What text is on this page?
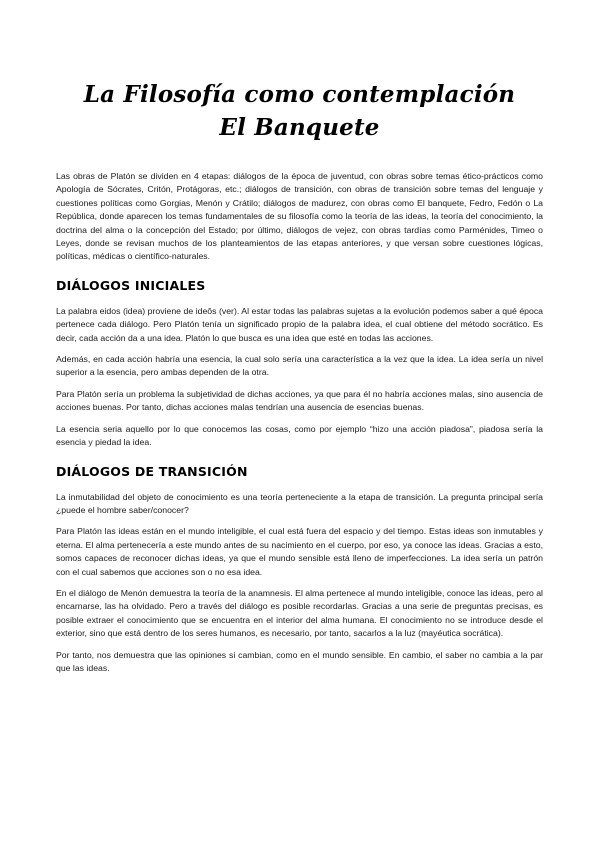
La Filosofía como contemplación
El Banquete

Las obras de Platón se dividen en 4 etapas: diálogos de la época de juventud, con obras sobre temas ético-prácticos como Apología de Sócrates, Critón, Protágoras, etc.; diálogos de transición, con obras de transición sobre temas del lenguaje y cuestiones políticas como Gorgias, Menón y Crátilo; diálogos de madurez, con obras como El banquete, Fedro, Fedón o La República, donde aparecen los temas fundamentales de su filosofía como la teoría de las ideas, la teoría del conocimiento, la doctrina del alma o la concepción del Estado; por último, diálogos de vejez, con obras tardías como Parménides, Timeo o Leyes, donde se revisan muchos de los planteamientos de las etapas anteriores, y que versan sobre cuestiones lógicas, políticas, médicas o científico-naturales.

DIÁLOGOS INICIALES

La palabra eidos (idea) proviene de ideôs (ver). Al estar todas las palabras sujetas a la evolución podemos saber a qué época pertenece cada diálogo. Pero Platón tenía un significado propio de la palabra idea, el cual obtiene del método socrático. Es decir, cada acción da a una idea. Platón lo que busca es una idea que esté en todas las acciones.

Además, en cada acción habría una esencia, la cual solo sería una característica a la vez que la idea. La idea sería un nivel superior a la esencia, pero ambas dependen de la otra.

Para Platón sería un problema la subjetividad de dichas acciones, ya que para él no habría acciones malas, sino ausencia de acciones buenas. Por tanto, dichas acciones malas tendrían una ausencia de esencias buenas.

La esencia seria aquello por lo que conocemos las cosas, como por ejemplo “hizo una acción piadosa”, piadosa sería la esencia y piedad la idea.

DIÁLOGOS DE TRANSICIÓN

La inmutabilidad del objeto de conocimiento es una teoría perteneciente a la etapa de transición. La pregunta principal sería ¿puede el hombre saber/conocer?

Para Platón las ideas están en el mundo inteligible, el cual está fuera del espacio y del tiempo. Estas ideas son inmutables y eterna. El alma pertenecería a este mundo antes de su nacimiento en el cuerpo, por eso, ya conoce las ideas. Gracias a esto, somos capaces de reconocer dichas ideas, ya que el mundo sensible está lleno de imperfecciones. La idea sería un patrón con el cual sabemos que acciones son o no esa idea.

En el diálogo de Menón demuestra la teoría de la anamnesis. El alma pertenece al mundo inteligible, conoce las ideas, pero al encarnarse, las ha olvidado. Pero a través del diálogo es posible recordarlas. Gracias a una serie de preguntas precisas, es posible extraer el conocimiento que se encuentra en el interior del alma humana. El conocimiento no se introduce desde el exterior, sino que está dentro de los seres humanos, es necesario, por tanto, sacarlos a la luz (mayéutica socrática).

Por tanto, nos demuestra que las opiniones si cambian, como en el mundo sensible. En cambio, el saber no cambia a la par que las ideas.
